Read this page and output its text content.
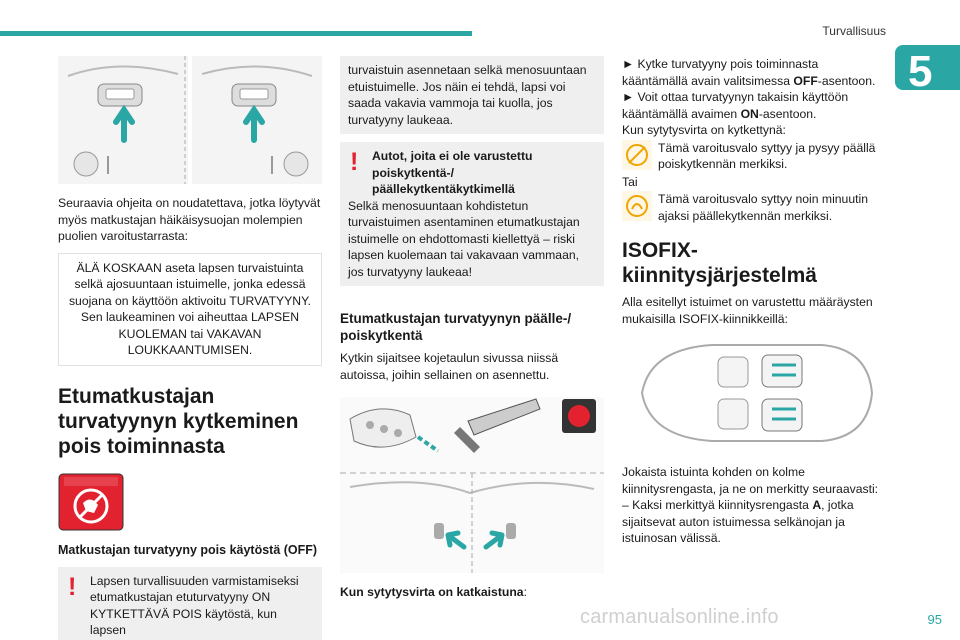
Turvallisuus
5
carmanualsonline.info	95

Seuraavia ohjeita on noudatettava, jotka löytyvät myös matkustajan häikäisysuojan molempien puolien varoitustarrasta:

ÄLÄ KOSKAAN aseta lapsen turvaistuinta selkä ajosuuntaan istuimelle, jonka edessä suojana on käyttöön aktivoitu TURVATYYNY. Sen laukeaminen voi aiheuttaa LAPSEN KUOLEMAN tai VAKAVAN LOUKKAANTUMISEN.
Etumatkustajan turvatyynyn kytkeminen pois toiminnasta
Matkustajan turvatyyny pois käytöstä (OFF)
!	Lapsen turvallisuuden varmistamiseksi etumatkustajan etuturvatyyny ON KYTKETTÄVÄ POIS käytöstä, kun lapsen
turvaistuin asennetaan selkä menosuuntaan etuistuimelle. Jos näin ei tehdä, lapsi voi saada vakavia vammoja tai kuolla, jos turvatyyny laukeaa.
!	Autot, joita ei ole varustettu poiskytkentä-/ päällekytkentäkytkimellä
Selkä menosuuntaan kohdistetun turvaistuimen asentaminen etumatkustajan istuimelle on ehdottomasti kiellettyä – riski lapsen kuolemaan tai vakavaan vammaan, jos turvatyyny laukeaa!
Etumatkustajan turvatyynyn päälle-/ poiskytkentä

Kytkin sijaitsee kojetaulun sivussa niissä autoissa, joihin sellainen on asennettu.

Kun sytytysvirta on katkaistuna:

► Kytke turvatyyny pois toiminnasta kääntämällä avain valitsimessa OFF-asentoon.

► Voit ottaa turvatyynyn takaisin käyttöön kääntämällä avaimen ON-asentoon.

Kun sytytysvirta on kytkettynä:

Tämä varoitusvalo syttyy ja pysyy päällä poiskytkennän merkiksi.

Tai

Tämä varoitusvalo syttyy noin minuutin ajaksi päällekytkennän merkiksi.

ISOFIX-kiinnitysjärjestelmä

Alla esitellyt istuimet on varustettu määräysten mukaisilla ISOFIX-kiinnikkeillä:

Jokaista istuinta kohden on kolme kiinnitysrengasta, ja ne on merkitty seuraavasti:

– Kaksi merkittyä kiinnitysrengasta A, jotka sijaitsevat auton istuimessa selkänojan ja istuinosan välissä.
